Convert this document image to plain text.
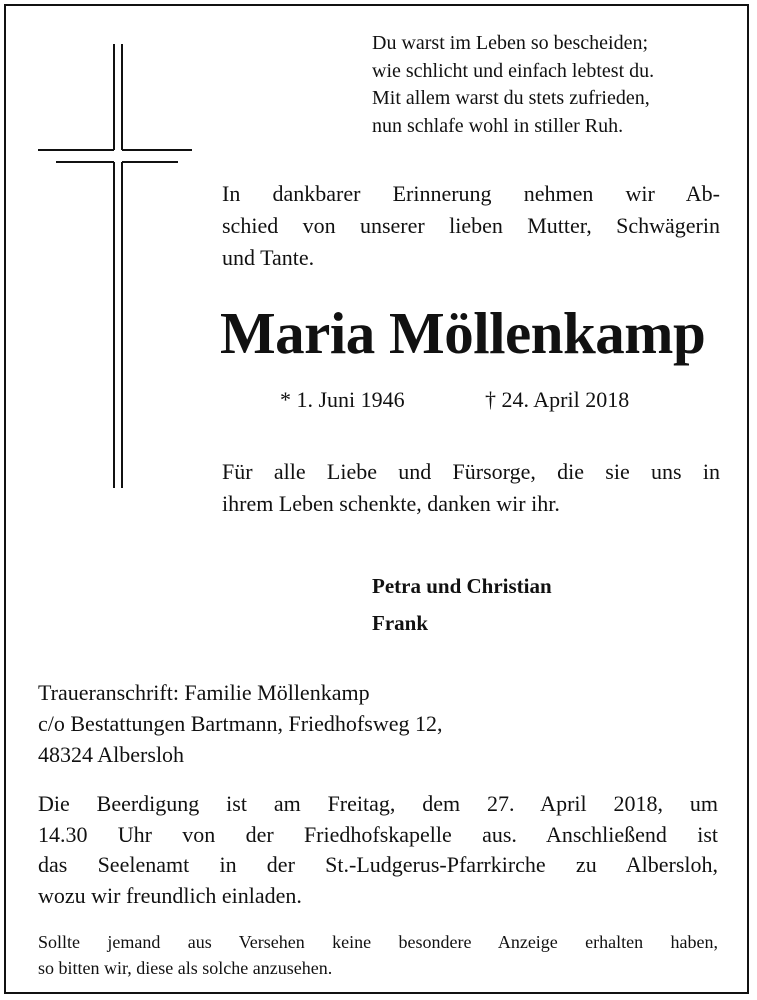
Du warst im Leben so bescheiden;
wie schlicht und einfach lebtest du.
Mit allem warst du stets zufrieden,
nun schlafe wohl in stiller Ruh.
In dankbarer Erinnerung nehmen wir Ab-
schied von unserer lieben Mutter, Schwägerin
und Tante.
Maria Möllenkamp
* 1. Juni 1946	† 24. April 2018
Für alle Liebe und Fürsorge, die sie uns in
ihrem Leben schenkte, danken wir ihr.
Petra und Christian
Frank
Traueranschrift: Familie Möllenkamp
c/o Bestattungen Bartmann, Friedhofsweg 12,
48324 Albersloh
Die Beerdigung ist am Freitag, dem 27. April 2018, um
14.30 Uhr von der Friedhofskapelle aus. Anschließend ist
das Seelenamt in der St.-Ludgerus-Pfarrkirche zu Albersloh,
wozu wir freundlich einladen.
Sollte jemand aus Versehen keine besondere Anzeige erhalten haben,
so bitten wir, diese als solche anzusehen.
